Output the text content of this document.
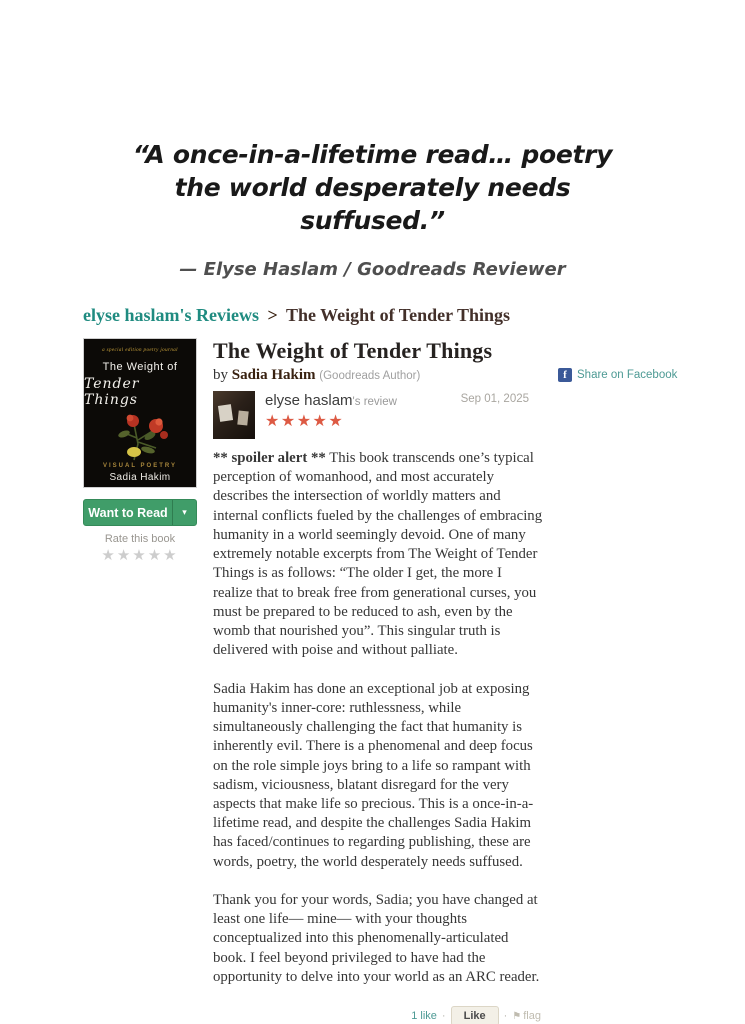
“A once-in-a-lifetime read… poetry the world desperately needs suffused.”
— Elyse Haslam / Goodreads Reviewer
elyse haslam's Reviews > The Weight of Tender Things
a special edition poetry journal
The Weight of
Tender Things
VISUAL POETRY
Sadia Hakim
Want to Read	▾
Rate this book
★★★★★
The Weight of Tender Things
by Sadia Hakim (Goodreads Author)
elyse haslam's review
★★★★★
Sep 01, 2025

** spoiler alert ** This book transcends one’s typical perception of womanhood, and most accurately describes the intersection of worldly matters and internal conflicts fueled by the challenges of embracing humanity in a world seemingly devoid. One of many extremely notable excerpts from The Weight of Tender Things is as follows: “The older I get, the more I realize that to break free from generational curses, you must be prepared to be reduced to ash, even by the womb that nourished you”. This singular truth is delivered with poise and without palliate.

Sadia Hakim has done an exceptional job at exposing humanity's inner-core: ruthlessness, while simultaneously challenging the fact that humanity is inherently evil. There is a phenomenal and deep focus on the role simple joys bring to a life so rampant with sadism, viciousness, blatant disregard for the very aspects that make life so precious. This is a once-in-a-lifetime read, and despite the challenges Sadia Hakim has faced/continues to regarding publishing, these are words, poetry, the world desperately needs suffused.

Thank you for your words, Sadia; you have changed at least one life— mine— with your thoughts conceptualized into this phenomenally-articulated book. I feel beyond privileged to have had the opportunity to delve into your world as an ARC reader.

1 like ·	Like	· ⚑ flag
f Share on Facebook
